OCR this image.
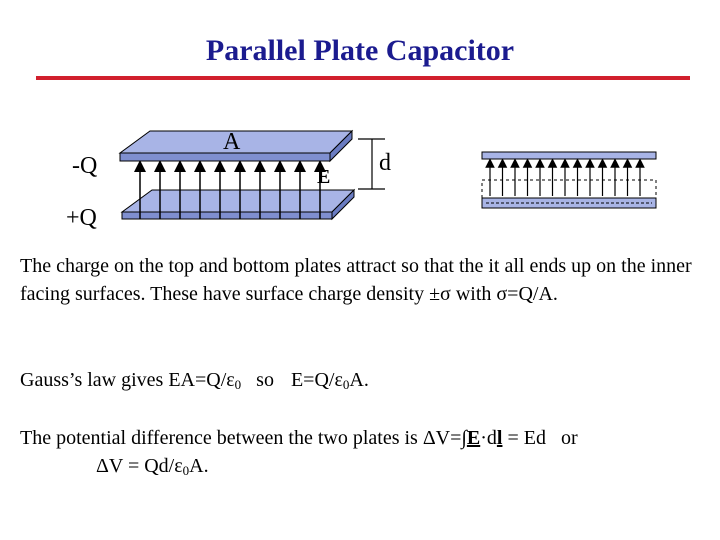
Parallel Plate Capacitor
-Q
+Q
A
E
d
The charge on the top and bottom plates attract so that the it all ends up on the inner facing surfaces. These have surface charge density ±σ with σ=Q/A.
Gauss’s law gives $EA=Q/\varepsilon_0$ so $E=Q/\varepsilon_0A$.
The potential difference between the two plates is ΔV=∫E·dl = Ed   or
$\Delta V = Qd/\varepsilon_0A$.
